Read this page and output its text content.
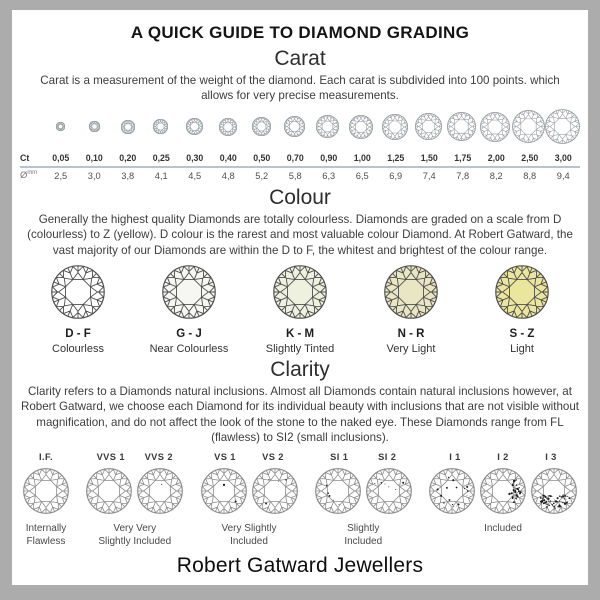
A QUICK GUIDE TO DIAMOND GRADING
Carat
Carat is a measurement of the weight of the diamond. Each carat is subdivided into 100 points. which allows for very precise measurements.
Ct	0,05	0,10	0,20	0,25	0,30	0,40	0,50	0,70	0,90	1,00	1,25	1,50	1,75	2,00	2,50	3,00
$Ø^{mm}$	2,5	3,0	3,8	4,1	4,5	4,8	5,2	5,8	6,3	6,5	6,9	7,4	7,8	8,2	8,8	9,4
Colour
Generally the highest quality Diamonds are totally colourless. Diamonds are graded on a scale from D (colourless) to Z (yellow). D colour is the rarest and most valuable colour Diamond. At Robert Gatward, the vast majority of our Diamonds are within the D to F, the whitest and brightest of the colour range.
D - F
Colourless
G - J
Near Colourless
K - M
Slightly Tinted
N - R
Very Light
S - Z
Light
Clarity
Clarity refers to a Diamonds natural inclusions. Almost all Diamonds contain natural inclusions however, at Robert Gatward, we choose each Diamond for its individual beauty with inclusions that are not visible without magnification, and do not affect the look of the stone to the naked eye. These Diamonds range from FL (flawless) to SI2 (small inclusions).
I.F.
Internally
Flawless
VVS 1	VVS 2
Very Very
Slightly Included
VS 1	VS 2
Very Slightly
Included
SI 1	SI 2
Slightly
Included
I 1	I 2	I 3
Included
Robert Gatward Jewellers
